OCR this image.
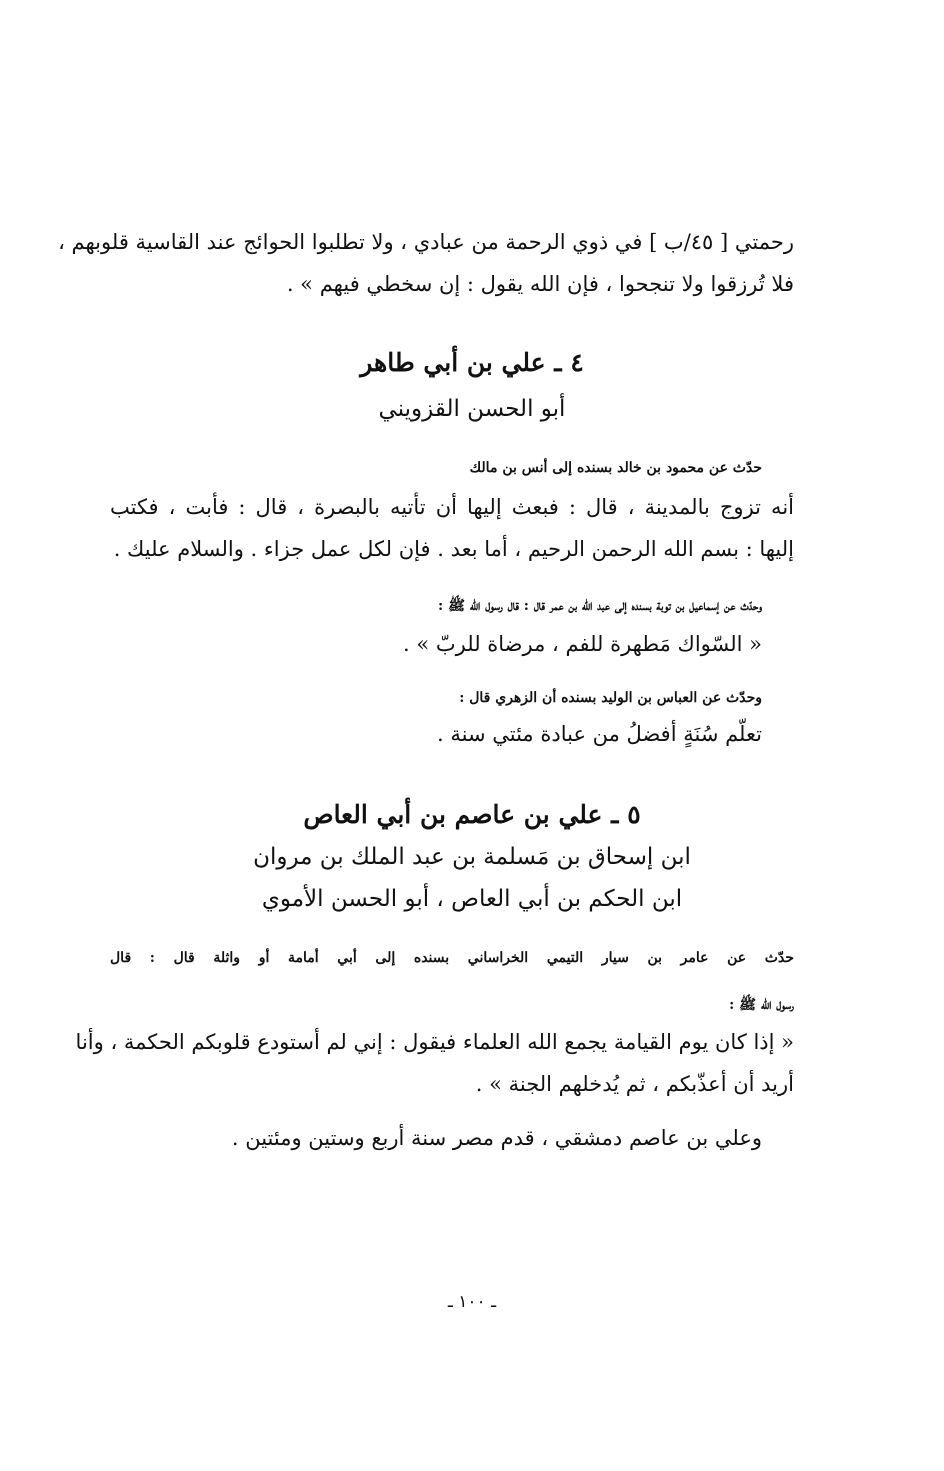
رحمتي [ ٤٥/ب ] في ذوي الرحمة من عبادي ، ولا تطلبوا الحوائج عند القاسية قلوبهم ،
فلا تُرزقوا ولا تنجحوا ، فإن الله يقول : إن سخطي فيهم » .
٤ ـ علي بن أبي طاهر
أبو الحسن القزويني
حدّث عن محمود بن خالد بسنده إلى أنس بن مالك
أنه تزوج بالمدينة ، قال : فبعث إليها أن تأتيه بالبصرة ، قال : فأبت ، فكتب
إليها : بسم الله الرحمن الرحيم ، أما بعد . فإن لكل عمل جزاء . والسلام عليك .
وحدّث عن إسماعيل بن توبة بسنده إلى عبد الله بن عمر قال : قال رسول الله ﷺ :
« السّواك مَطهرة للفم ، مرضاة للربّ » .
وحدّث عن العباس بن الوليد بسنده أن الزهري قال :
تعلّم سُنَةٍ أفضلُ من عبادة مئتي سنة .
٥ ـ علي بن عاصم بن أبي العاص
ابن إسحاق بن مَسلمة بن عبد الملك بن مروان
ابن الحكم بن أبي العاص ، أبو الحسن الأموي
حدّث عن عامر بن سيار التيمي الخراساني بسنده إلى أبي أمامة أو واثلة قال : قال
رسول الله ﷺ :
« إذا كان يوم القيامة يجمع الله العلماء فيقول : إني لم أستودع قلوبكم الحكمة ، وأنا
أريد أن أعذّبكم ، ثم يُدخلهم الجنة » .
وعلي بن عاصم دمشقي ، قدم مصر سنة أربع وستين ومئتين .
ـ ١٠٠ ـ
